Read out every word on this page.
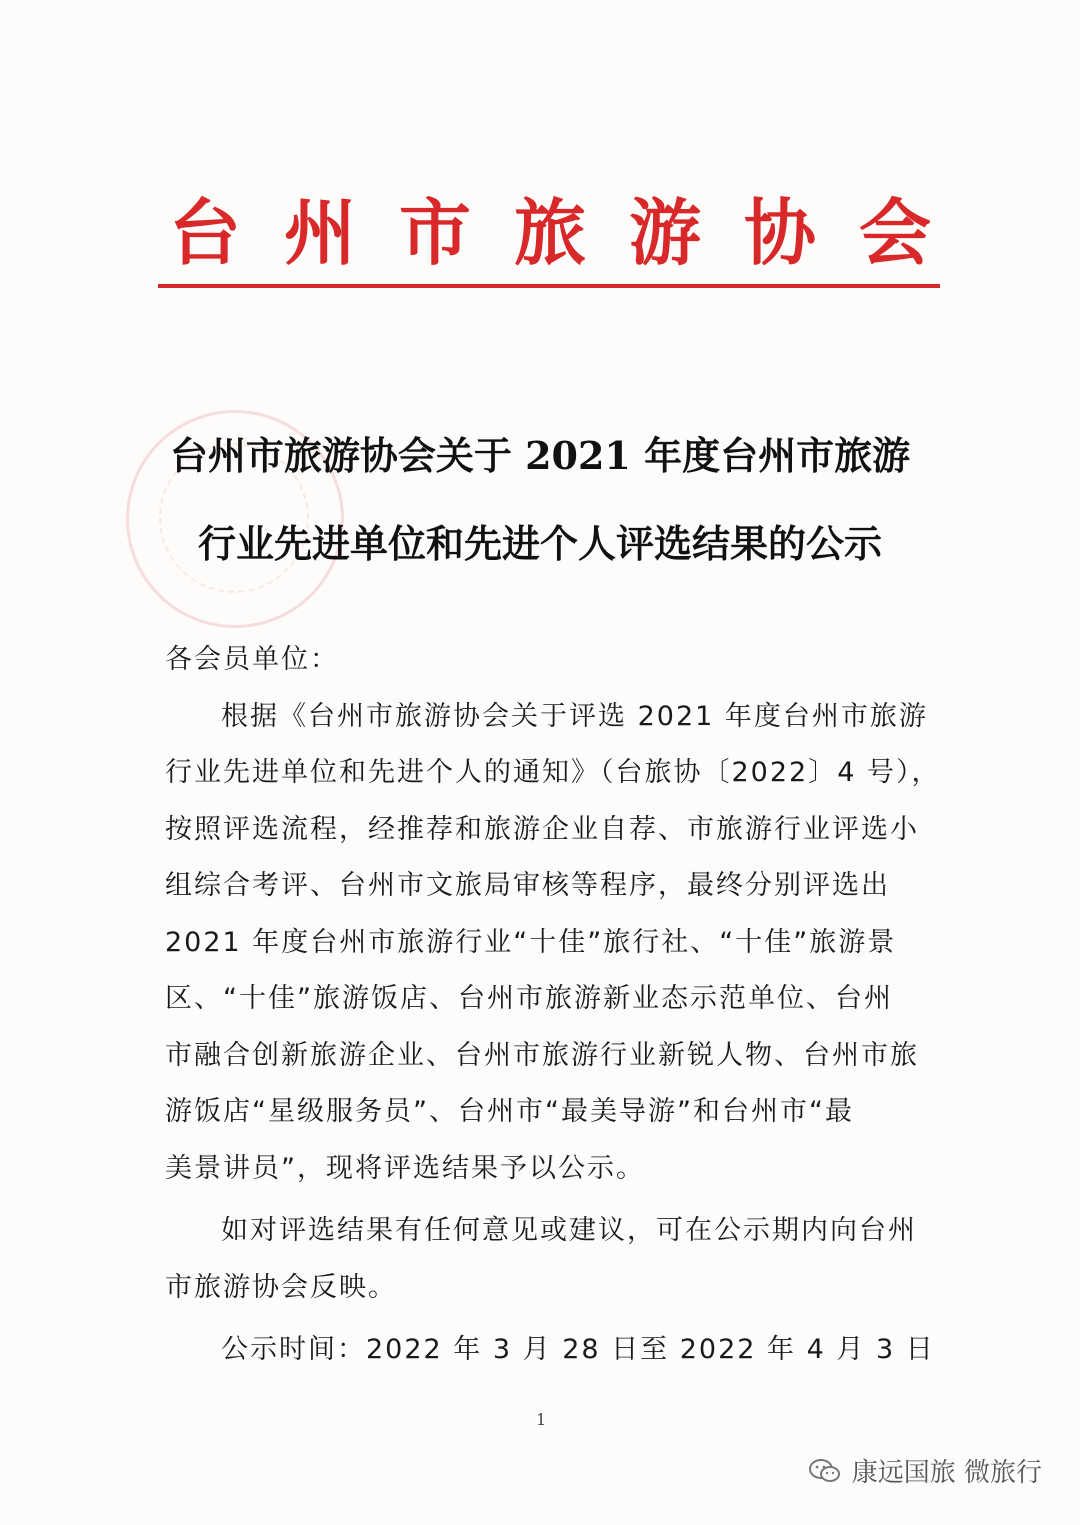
台 州 市 旅 游 协 会
台州市旅游协会关于 2021 年度台州市旅游
行业先进单位和先进个人评选结果的公示
各会员单位：
根据《台州市旅游协会关于评选 2021 年度台州市旅游
行业先进单位和先进个人的通知》（台旅协〔2022〕4 号），
按照评选流程，经推荐和旅游企业自荐、市旅游行业评选小
组综合考评、台州市文旅局审核等程序，最终分别评选出
2021 年度台州市旅游行业“十佳”旅行社、“十佳”旅游景
区、“十佳”旅游饭店、台州市旅游新业态示范单位、台州
市融合创新旅游企业、台州市旅游行业新锐人物、台州市旅
游饭店“星级服务员”、台州市“最美导游”和台州市“最
美景讲员”，现将评选结果予以公示。
如对评选结果有任何意见或建议，可在公示期内向台州
市旅游协会反映。
公示时间：2022 年 3 月 28 日至 2022 年 4 月 3 日
1
康远国旅 微旅行
